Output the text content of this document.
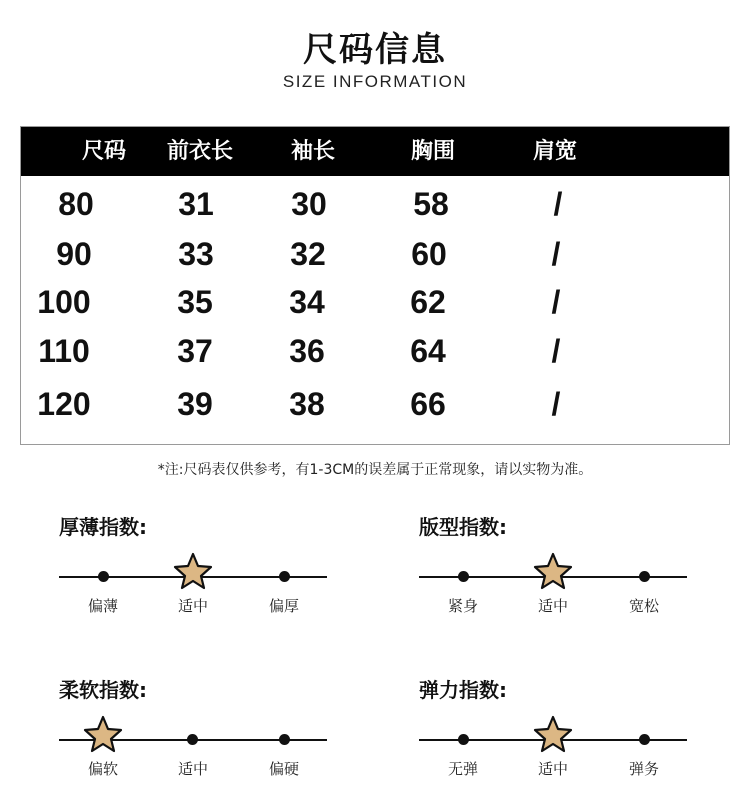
尺码信息
SIZE INFORMATION
尺码	前衣长	袖长	胸围	肩宽
80	31	30	58	/
90	33	32	60	/
100	35	34	62	/
110	37	36	64	/
120	39	38	66	/
*注:尺码表仅供参考，有1-3CM的误差属于正常现象，请以实物为准。
厚薄指数:
偏薄	适中	偏厚
版型指数:
紧身	适中	宽松
柔软指数:
偏软	适中	偏硬
弹力指数:
无弹	适中	弹务
